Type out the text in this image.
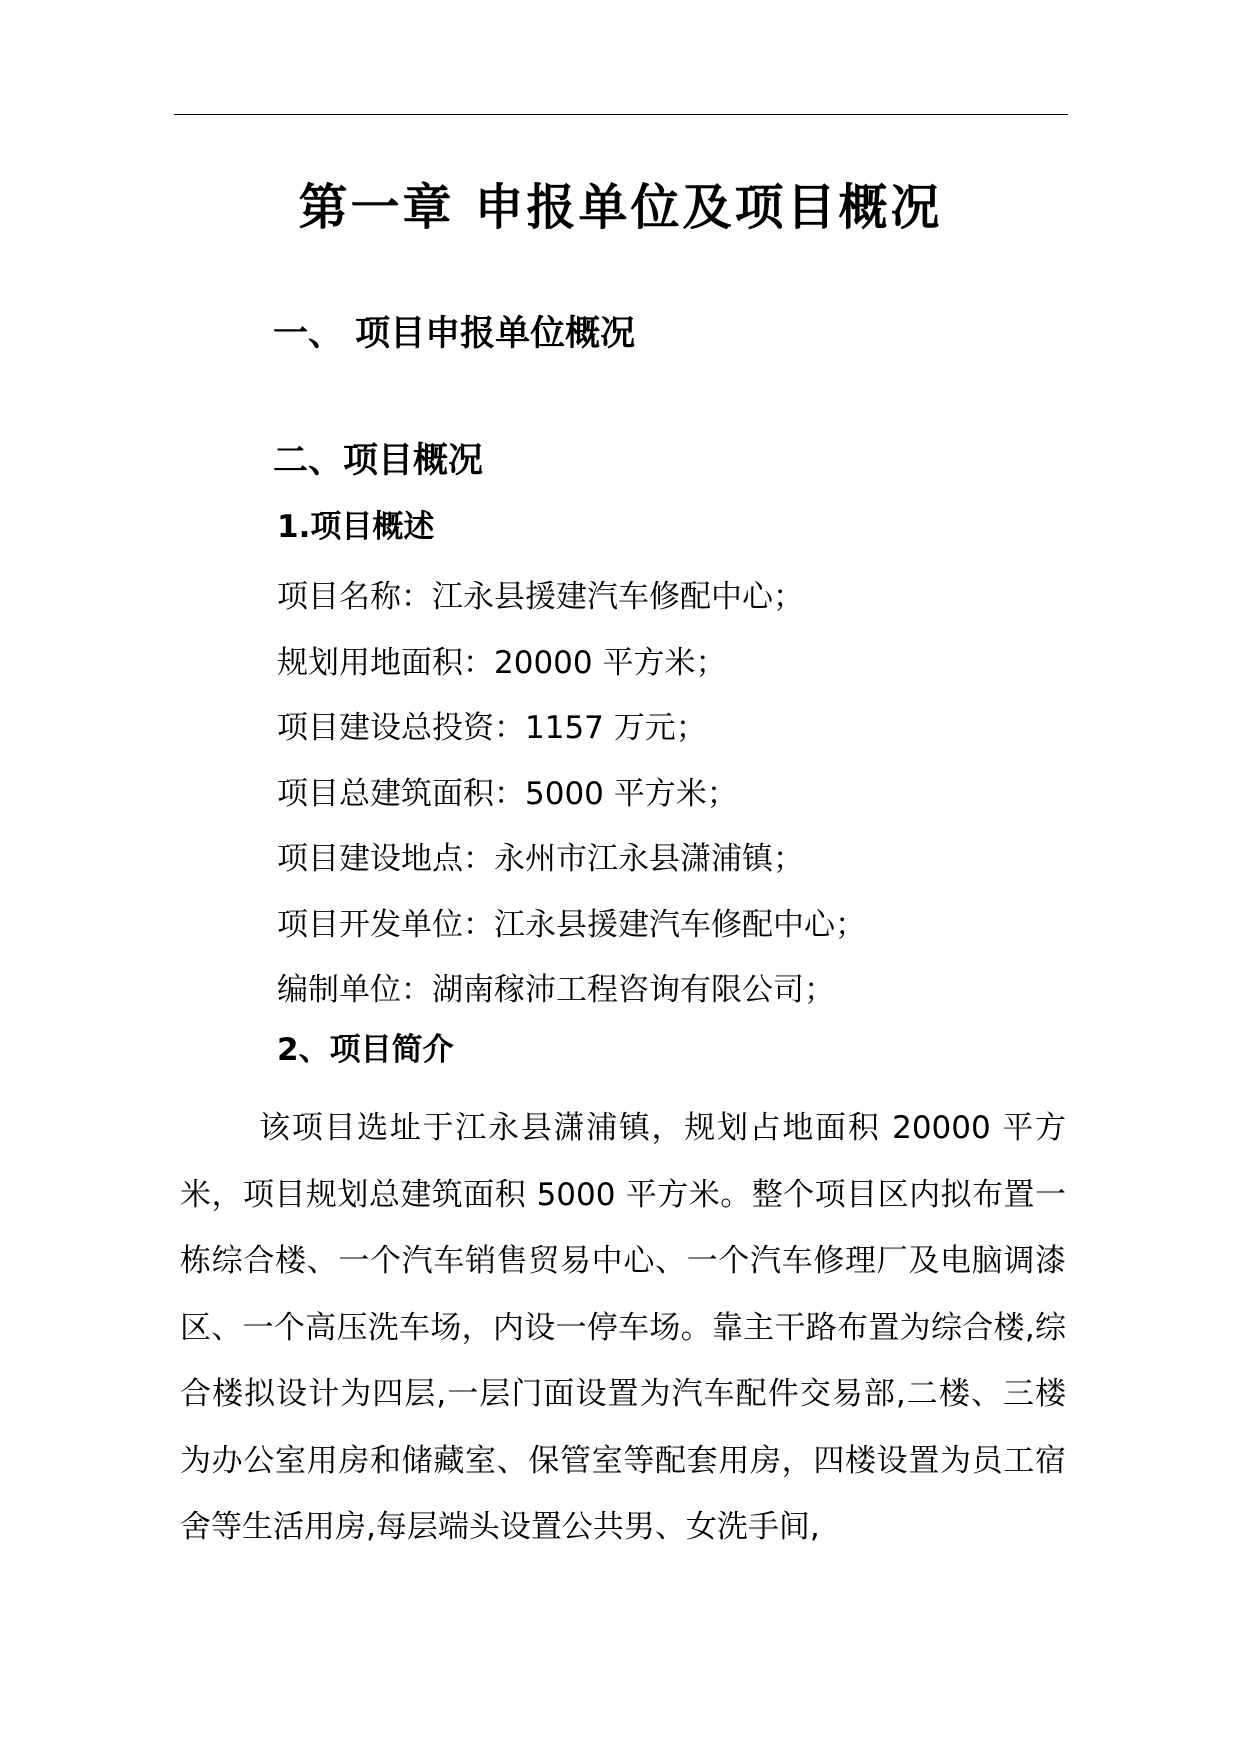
第一章 申报单位及项目概况
一、 项目申报单位概况
二、项目概况
1.项目概述
项目名称：江永县援建汽车修配中心；
规划用地面积：20000 平方米；
项目建设总投资：1157 万元；
项目总建筑面积：5000 平方米；
项目建设地点：永州市江永县潇浦镇；
项目开发单位：江永县援建汽车修配中心；
编制单位：湖南稼沛工程咨询有限公司；
2、项目简介

该项目选址于江永县潇浦镇，规划占地面积 20000 平方米，项目规划总建筑面积 5000 平方米。整个项目区内拟布置一栋综合楼、一个汽车销售贸易中心、一个汽车修理厂及电脑调漆区、一个高压洗车场，内设一停车场。靠主干路布置为综合楼,综合楼拟设计为四层,一层门面设置为汽车配件交易部,二楼、三楼为办公室用房和储藏室、保管室等配套用房，四楼设置为员工宿舍等生活用房,每层端头设置公共男、女洗手间,
